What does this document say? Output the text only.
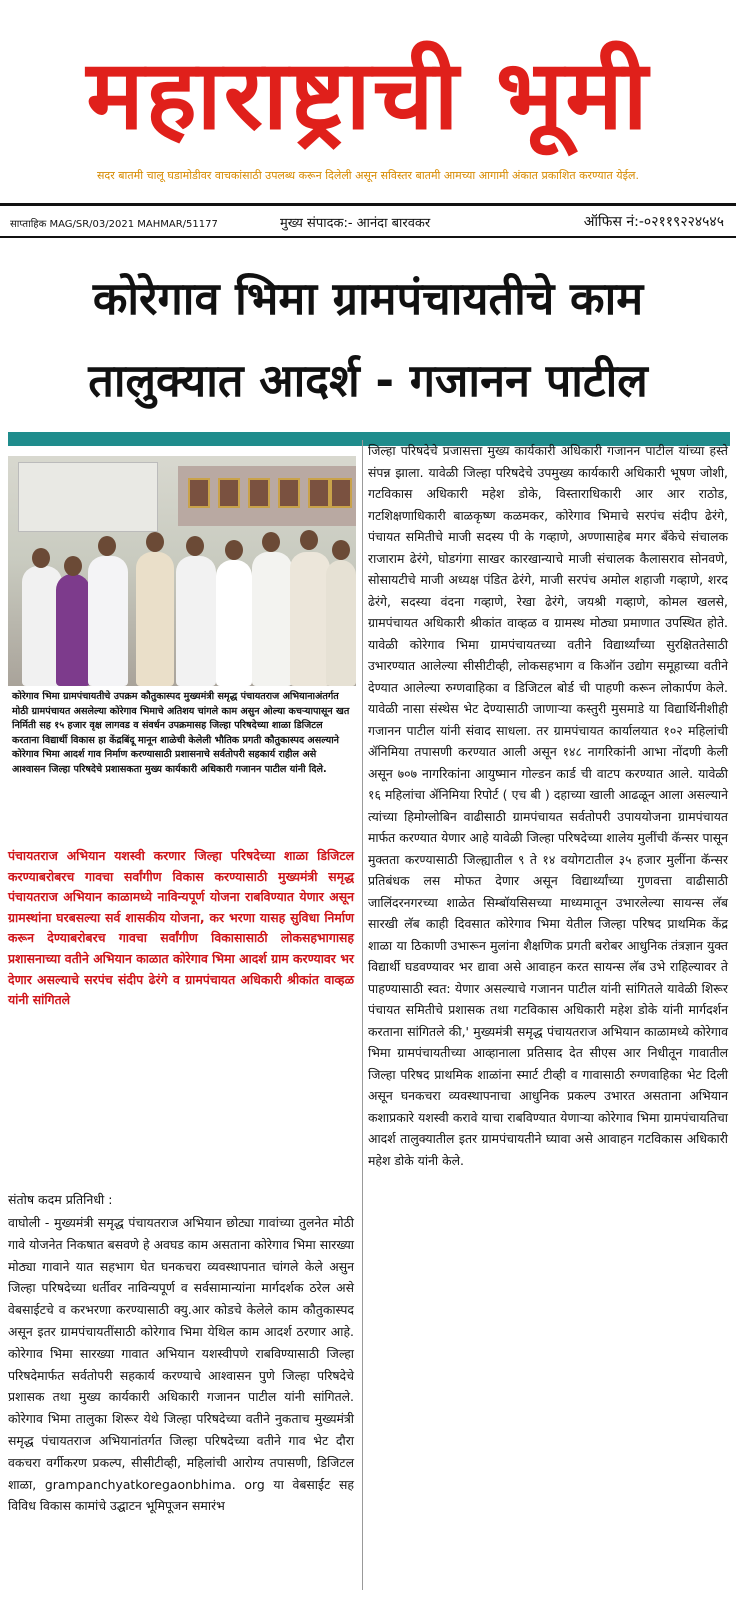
महाराष्ट्राची भूमी
सदर बातमी चालू घडामोडीवर वाचकांसाठी उपलब्ध करून दिलेली असून सविस्तर बातमी आमच्या आगामी अंकात प्रकाशित करण्यात येईल.
साप्ताहिक MAG/SR/03/2021 MAHMAR/51177	मुख्य संपादक:- आनंदा बारवकर	ऑफिस नं:-०२११९२२४५४५
कोरेगाव भिमा ग्रामपंचायतीचे काम
तालुक्यात आदर्श - गजानन पाटील
कोरेगाव भिमा ग्रामपंचायतीचे उपक्रम कौतुकास्पद मुख्यमंत्री समृद्ध पंचायतराज अभियानाअंतर्गत मोठी ग्रामपंचायत असलेल्या कोरेगाव भिमाचे अतिशय चांगले काम असुन ओल्या कचऱ्यापासून खत निर्मिती सह १५ हजार वृक्ष लागवड व संवर्धन उपक्रमासह जिल्हा परिषदेच्या शाळा डिजिटल करताना विद्यार्थी विकास हा केंद्रबिंदू मानून शाळेची केलेली भौतिक प्रगती कौतुकास्पद असल्याने कोरेगाव भिमा आदर्श गाव निर्माण करण्यासाठी प्रशासनाचे सर्वतोपरी सहकार्य राहील असे आश्वासन जिल्हा परिषदेचे प्रशासकता मुख्य कार्यकारी अधिकारी गजानन पाटील यांनी दिले.
पंचायतराज अभियान यशस्वी करणार जिल्हा परिषदेच्या शाळा डिजिटल करण्याबरोबरच गावचा सर्वांगीण विकास करण्यासाठी मुख्यमंत्री समृद्ध पंचायतराज अभियान काळामध्ये नाविन्यपूर्ण योजना राबविण्यात येणार असून ग्रामस्थांना घरबसल्या सर्व शासकीय योजना, कर भरणा यासह सुविधा निर्माण करून देण्याबरोबरच गावचा सर्वांगीण विकासासाठी लोकसहभागासह प्रशासनाच्या वतीने अभियान काळात कोरेगाव भिमा आदर्श ग्राम करण्यावर भर देणार असल्याचे सरपंच संदीप ढेरंगे व ग्रामपंचायत अधिकारी श्रीकांत वाव्हळ यांनी सांगितले
संतोष कदम प्रतिनिधी :
वाघोली - मुख्यमंत्री समृद्ध पंचायतराज अभियान छोट्या गावांच्या तुलनेत मोठी गावे योजनेत निकषात बसवणे हे अवघड काम असताना कोरेगाव भिमा सारख्या मोठ्या गावाने यात सहभाग घेत घनकचरा व्यवस्थापनात चांगले केले असुन जिल्हा परिषदेच्या धर्तीवर नाविन्यपूर्ण व सर्वसामान्यांना मार्गदर्शक ठरेल असे वेबसाईटचे व करभरणा करण्यासाठी क्यु.आर कोडचे केलेले काम कौतुकास्पद असून इतर ग्रामपंचायतींसाठी कोरेगाव भिमा येथिल काम आदर्श ठरणार आहे. कोरेगाव भिमा सारख्या गावात अभियान यशस्वीपणे राबविण्यासाठी जिल्हा परिषदेमार्फत सर्वतोपरी सहकार्य करण्याचे आश्वासन पुणे जिल्हा परिषदेचे प्रशासक तथा मुख्य कार्यकारी अधिकारी गजानन पाटील यांनी सांगितले. कोरेगाव भिमा तालुका शिरूर येथे जिल्हा परिषदेच्या वतीने नुकताच मुख्यमंत्री समृद्ध पंचायतराज अभियानांतर्गत जिल्हा परिषदेच्या वतीने गाव भेट दौरा वकचरा वर्गीकरण प्रकल्प, सीसीटीव्ही, महिलांची आरोग्य तपासणी, डिजिटल शाळा, grampanchyatkoregaonbhima. org या वेबसाईट सह विविध विकास कामांचे उद्घाटन भूमिपूजन समारंभ
जिल्हा परिषदेचे प्रजासत्ता मुख्य कार्यकारी अधिकारी गजानन पाटील यांच्या हस्ते संपन्न झाला. यावेळी जिल्हा परिषदेचे उपमुख्य कार्यकारी अधिकारी भूषण जोशी, गटविकास अधिकारी महेश डोके, विस्ताराधिकारी आर आर राठोड, गटशिक्षणाधिकारी बाळकृष्ण कळमकर, कोरेगाव भिमाचे सरपंच संदीप ढेरंगे, पंचायत समितीचे माजी सदस्य पी के गव्हाणे, अण्णासाहेब मगर बँकेचे संचालक राजाराम ढेरंगे, घोडगंगा साखर कारखान्याचे माजी संचालक कैलासराव सोनवणे, सोसायटीचे माजी अध्यक्ष पंडित ढेरंगे, माजी सरपंच अमोल शहाजी गव्हाणे, शरद ढेरंगे, सदस्या वंदना गव्हाणे, रेखा ढेरंगे, जयश्री गव्हाणे, कोमल खलसे, ग्रामपंचायत अधिकारी श्रीकांत वाव्हळ व ग्रामस्थ मोठ्या प्रमाणात उपस्थित होते. यावेळी कोरेगाव भिमा ग्रामपंचायतच्या वतीने विद्यार्थ्यांच्या सुरक्षिततेसाठी उभारण्यात आलेल्या सीसीटीव्ही, लोकसहभाग व किऑन उद्योग समूहाच्या वतीने देण्यात आलेल्या रुग्णवाहिका व डिजिटल बोर्ड ची पाहणी करून लोकार्पण केले. यावेळी नासा संस्थेस भेट देण्यासाठी जाणाऱ्या कस्तुरी मुसमाडे या विद्यार्थिनीशीही गजानन पाटील यांनी संवाद साधला. तर ग्रामपंचायत कार्यालयात १०२ महिलांची ॲनिमिया तपासणी करण्यात आली असून १४८ नागरिकांनी आभा नोंदणी केली असून ७०७ नागरिकांना आयुष्मान गोल्डन कार्ड ची वाटप करण्यात आले. यावेळी १६ महिलांचा ॲनिमिया रिपोर्ट ( एच बी ) दहाच्या खाली आढळून आला असल्याने त्यांच्या हिमोग्लोबिन वाढीसाठी ग्रामपंचायत सर्वतोपरी उपाययोजना ग्रामपंचायत मार्फत करण्यात येणार आहे यावेळी जिल्हा परिषदेच्या शालेय मुलींची कॅन्सर पासून मुक्तता करण्यासाठी जिल्ह्यातील ९ ते १४ वयोगटातील ३५ हजार मुलींना कॅन्सर प्रतिबंधक लस मोफत देणार असून विद्यार्थ्यांच्या गुणवत्ता वाढीसाठी जालिंदरनगरच्या शाळेत सिम्बॉयसिसच्या माध्यमातून उभारलेल्या सायन्स लॅब सारखी लॅब काही दिवसात कोरेगाव भिमा येतील जिल्हा परिषद प्राथमिक केंद्र शाळा या ठिकाणी उभारून मुलांना शैक्षणिक प्रगती बरोबर आधुनिक तंत्रज्ञान युक्त विद्यार्थी घडवण्यावर भर द्यावा असे आवाहन करत सायन्स लॅब उभे राहिल्यावर ते पाहण्यासाठी स्वत: येणार असल्याचे गजानन पाटील यांनी सांगितले यावेळी शिरूर पंचायत समितीचे प्रशासक तथा गटविकास अधिकारी महेश डोके यांनी मार्गदर्शन करताना सांगितले की,' मुख्यमंत्री समृद्ध पंचायतराज अभियान काळामध्ये कोरेगाव भिमा ग्रामपंचायतीच्या आव्हानाला प्रतिसाद देत सीएस आर निधीतून गावातील जिल्हा परिषद प्राथमिक शाळांना स्मार्ट टीव्ही व गावासाठी रुग्णवाहिका भेट दिली असून घनकचरा व्यवस्थापनाचा आधुनिक प्रकल्प उभारत असताना अभियान कशाप्रकारे यशस्वी करावे याचा राबविण्यात येणाऱ्या कोरेगाव भिमा ग्रामपंचायतिचा आदर्श तालुक्यातील इतर ग्रामपंचायतीने घ्यावा असे आवाहन गटविकास अधिकारी महेश डोके यांनी केले.
